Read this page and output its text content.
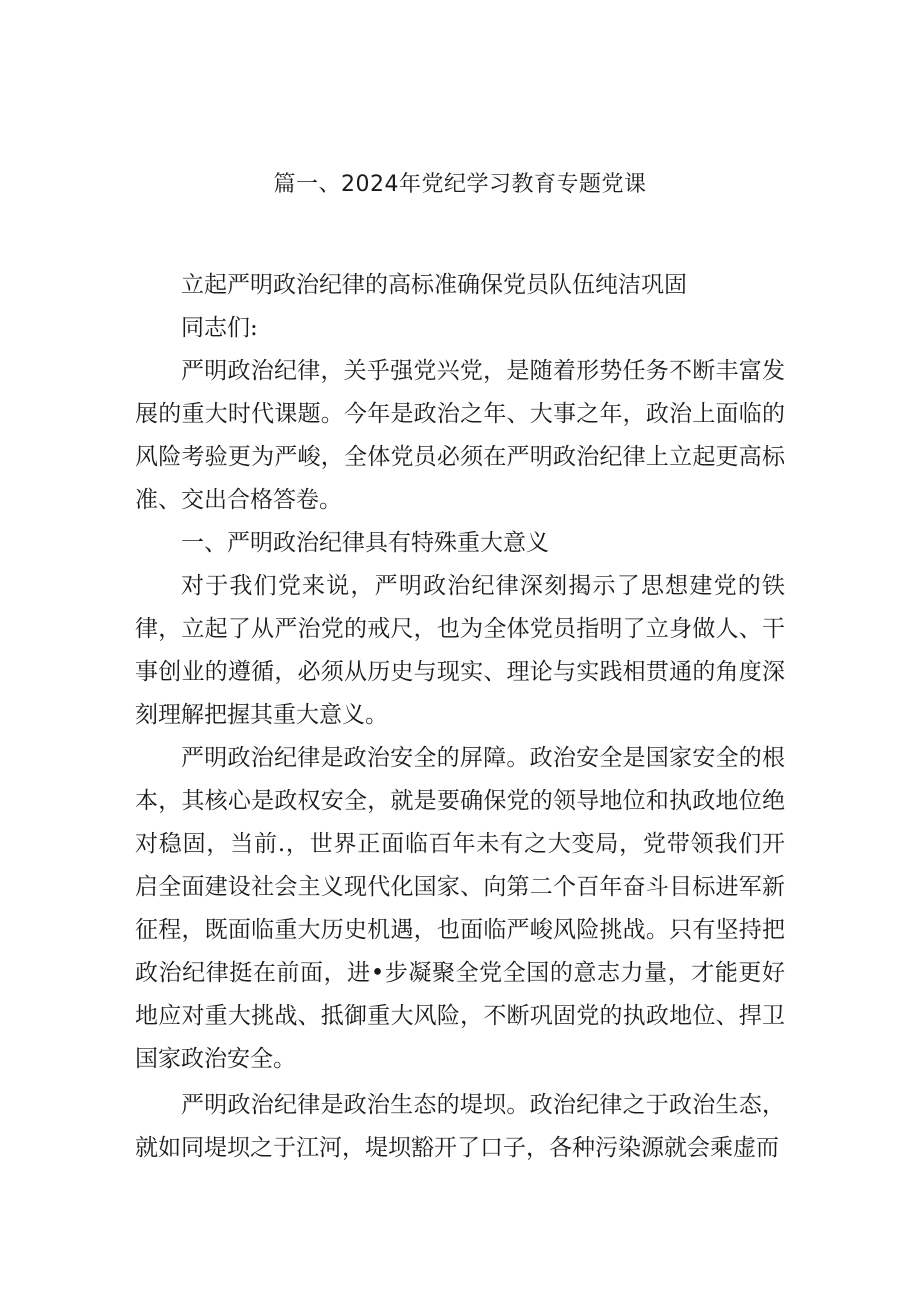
篇一、2024年党纪学习教育专题党课

立起严明政治纪律的高标准确保党员队伍纯洁巩固

同志们:

严明政治纪律，关乎强党兴党，是随着形势任务不断丰富发展的重大时代课题。今年是政治之年、大事之年，政治上面临的风险考验更为严峻，全体党员必须在严明政治纪律上立起更高标准、交出合格答卷。

一、严明政治纪律具有特殊重大意义

对于我们党来说，严明政治纪律深刻揭示了思想建党的铁律，立起了从严治党的戒尺，也为全体党员指明了立身做人、干事创业的遵循，必须从历史与现实、理论与实践相贯通的角度深刻理解把握其重大意义。

严明政治纪律是政治安全的屏障。政治安全是国家安全的根本，其核心是政权安全，就是要确保党的领导地位和执政地位绝对稳固，当前.，世界正面临百年未有之大变局，党带领我们开启全面建设社会主义现代化国家、向第二个百年奋斗目标进军新征程，既面临重大历史机遇，也面临严峻风险挑战。只有坚持把政治纪律挺在前面，进•步凝聚全党全国的意志力量，才能更好地应对重大挑战、抵御重大风险，不断巩固党的执政地位、捍卫国家政治安全。

严明政治纪律是政治生态的堤坝。政治纪律之于政治生态，就如同堤坝之于江河，堤坝豁开了口子，各种污染源就会乘虚而
